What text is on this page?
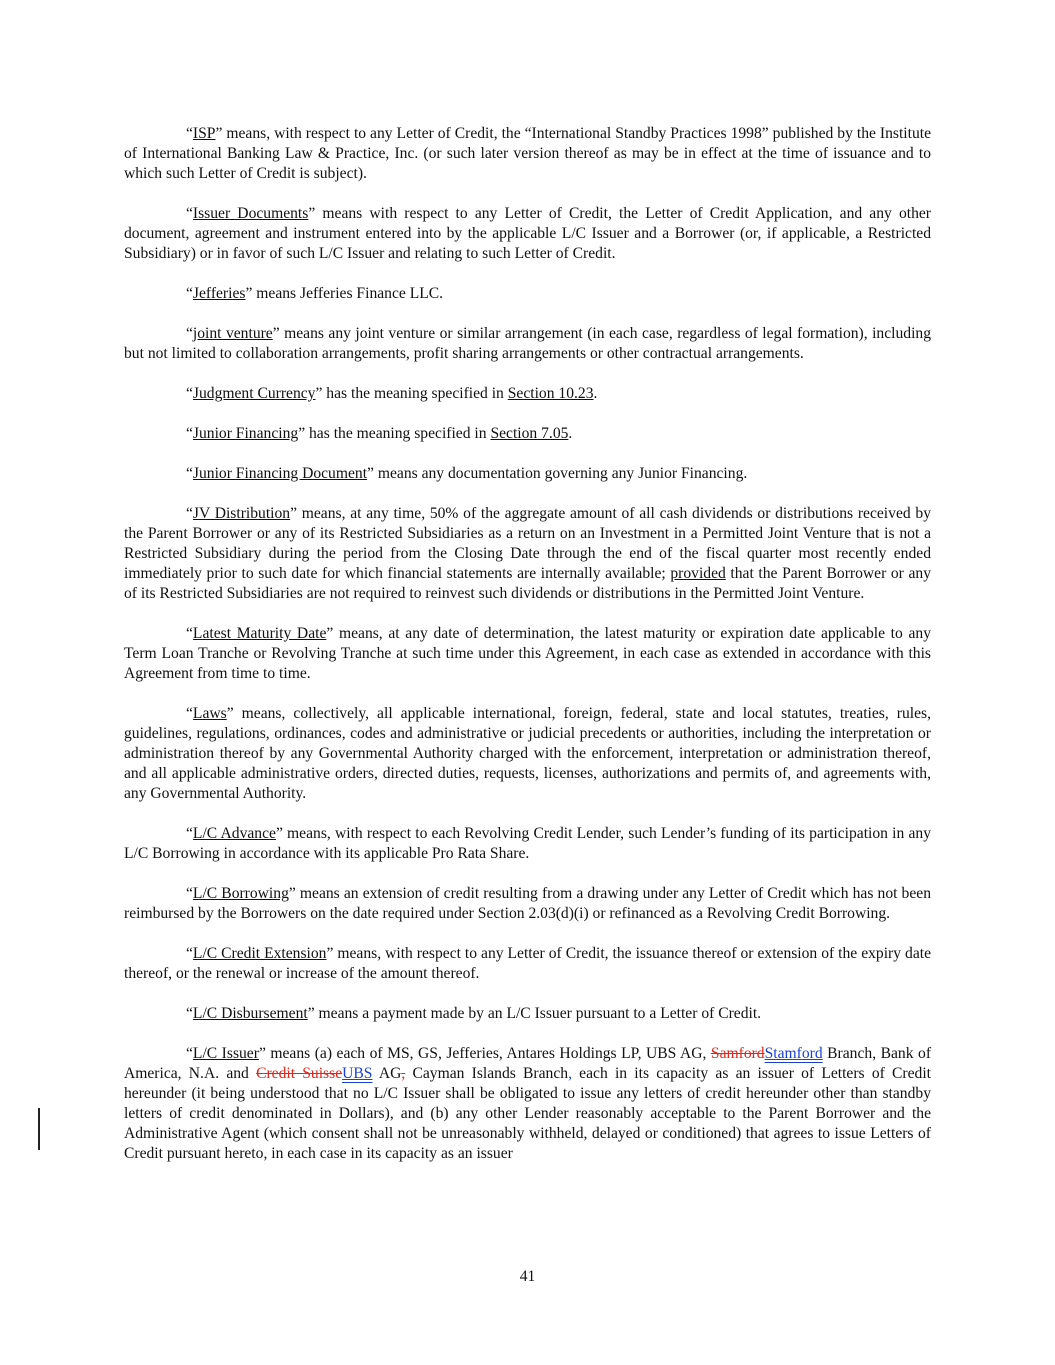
“ISP” means, with respect to any Letter of Credit, the “International Standby Practices 1998” published by the Institute of International Banking Law & Practice, Inc. (or such later version thereof as may be in effect at the time of issuance and to which such Letter of Credit is subject).

“Issuer Documents” means with respect to any Letter of Credit, the Letter of Credit Application, and any other document, agreement and instrument entered into by the applicable L/C Issuer and a Borrower (or, if applicable, a Restricted Subsidiary) or in favor of such L/C Issuer and relating to such Letter of Credit.

“Jefferies” means Jefferies Finance LLC.

“joint venture” means any joint venture or similar arrangement (in each case, regardless of legal formation), including but not limited to collaboration arrangements, profit sharing arrangements or other contractual arrangements.

“Judgment Currency” has the meaning specified in Section 10.23.

“Junior Financing” has the meaning specified in Section 7.05.

“Junior Financing Document” means any documentation governing any Junior Financing.

“JV Distribution” means, at any time, 50% of the aggregate amount of all cash dividends or distributions received by the Parent Borrower or any of its Restricted Subsidiaries as a return on an Investment in a Permitted Joint Venture that is not a Restricted Subsidiary during the period from the Closing Date through the end of the fiscal quarter most recently ended immediately prior to such date for which financial statements are internally available; provided that the Parent Borrower or any of its Restricted Subsidiaries are not required to reinvest such dividends or distributions in the Permitted Joint Venture.

“Latest Maturity Date” means, at any date of determination, the latest maturity or expiration date applicable to any Term Loan Tranche or Revolving Tranche at such time under this Agreement, in each case as extended in accordance with this Agreement from time to time.

“Laws” means, collectively, all applicable international, foreign, federal, state and local statutes, treaties, rules, guidelines, regulations, ordinances, codes and administrative or judicial precedents or authorities, including the interpretation or administration thereof by any Governmental Authority charged with the enforcement, interpretation or administration thereof, and all applicable administrative orders, directed duties, requests, licenses, authorizations and permits of, and agreements with, any Governmental Authority.

“L/C Advance” means, with respect to each Revolving Credit Lender, such Lender’s funding of its participation in any L/C Borrowing in accordance with its applicable Pro Rata Share.

“L/C Borrowing” means an extension of credit resulting from a drawing under any Letter of Credit which has not been reimbursed by the Borrowers on the date required under Section 2.03(d)(i) or refinanced as a Revolving Credit Borrowing.

“L/C Credit Extension” means, with respect to any Letter of Credit, the issuance thereof or extension of the expiry date thereof, or the renewal or increase of the amount thereof.

“L/C Disbursement” means a payment made by an L/C Issuer pursuant to a Letter of Credit.

“L/C Issuer” means (a) each of MS, GS, Jefferies, Antares Holdings LP, UBS AG, SamfordStamford Branch, Bank of America, N.A. and Credit SuisseUBS AG, Cayman Islands Branch, each in its capacity as an issuer of Letters of Credit hereunder (it being understood that no L/C Issuer shall be obligated to issue any letters of credit hereunder other than standby letters of credit denominated in Dollars), and (b) any other Lender reasonably acceptable to the Parent Borrower and the Administrative Agent (which consent shall not be unreasonably withheld, delayed or conditioned) that agrees to issue Letters of Credit pursuant hereto, in each case in its capacity as an issuer

41
